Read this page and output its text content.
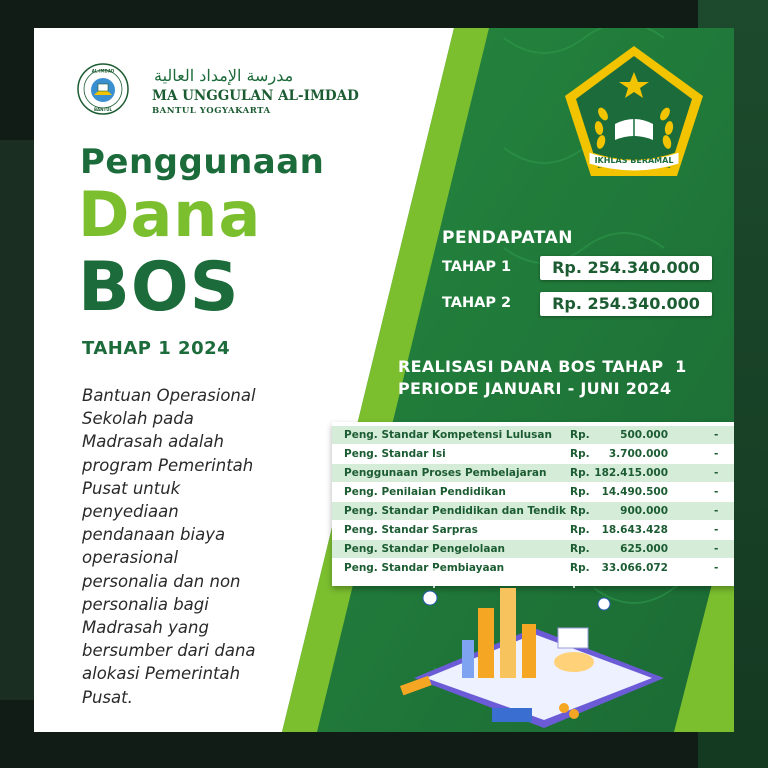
AL-IMDAD
BANTUL
مدرسة الإمداد العالية
MA UNGGULAN AL-IMDAD
BANTUL YOGYAKARTA
Penggunaan
Dana
BOS
TAHAP 1 2024
Bantuan Operasional
Sekolah pada
Madrasah adalah
program Pemerintah
Pusat untuk
penyediaan
pendanaan biaya
operasional
personalia dan non
personalia bagi
Madrasah yang
bersumber dari dana
alokasi Pemerintah
Pusat.
IKHLAS BERAMAL
PENDAPATAN
TAHAP 1	Rp. 254.340.000
TAHAP 2	Rp. 254.340.000
REALISASI DANA BOS TAHAP  1
PERIODE JANUARI - JUNI 2024
Peng. Standar Kompetensi Lulusan Rp.	500.000	-
Peng. Standar Isi	Rp.	3.700.000	-
Penggunaan Proses Pembelajaran Rp. 182.415.000	-
Peng. Penilaian Pendidikan	Rp.	14.490.500	-
Peng. Standar Pendidikan dan Tendik Rp.	900.000	-
Peng. Standar Sarpras	Rp.	18.643.428	-
Peng. Standar Pengelolaan	Rp.	625.000	-
Peng. Standar Pembiayaan	Rp.	33.066.072	-
